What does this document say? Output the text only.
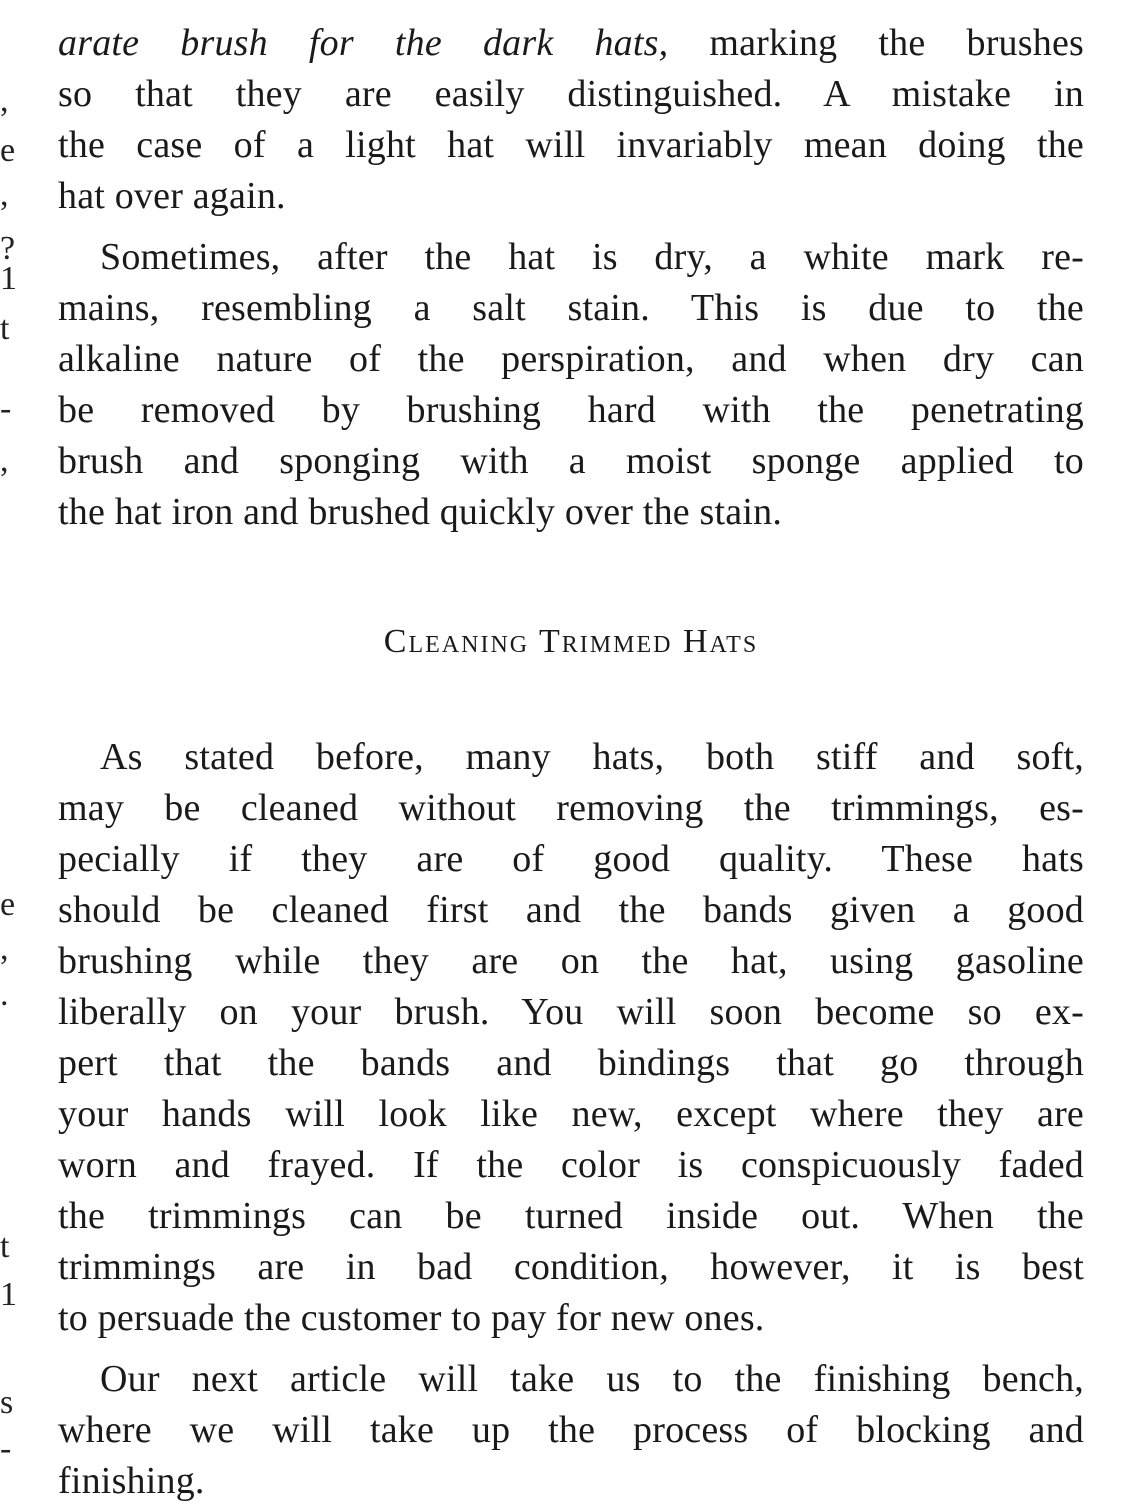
,
e
,
?
1
t
-
,
e
,
.
t
1
s
-
arate brush for the dark hats, marking the brushes
so that they are easily distinguished. A mistake in
the case of a light hat will invariably mean doing the
hat over again.
Sometimes, after the hat is dry, a white mark re-
mains, resembling a salt stain. This is due to the
alkaline nature of the perspiration, and when dry can
be removed by brushing hard with the penetrating
brush and sponging with a moist sponge applied to
the hat iron and brushed quickly over the stain.
Cleaning Trimmed Hats
As stated before, many hats, both stiff and soft,
may be cleaned without removing the trimmings, es-
pecially if they are of good quality. These hats
should be cleaned first and the bands given a good
brushing while they are on the hat, using gasoline
liberally on your brush. You will soon become so ex-
pert that the bands and bindings that go through
your hands will look like new, except where they are
worn and frayed. If the color is conspicuously faded
the trimmings can be turned inside out. When the
trimmings are in bad condition, however, it is best
to persuade the customer to pay for new ones.
Our next article will take us to the finishing bench,
where we will take up the process of blocking and
finishing.
